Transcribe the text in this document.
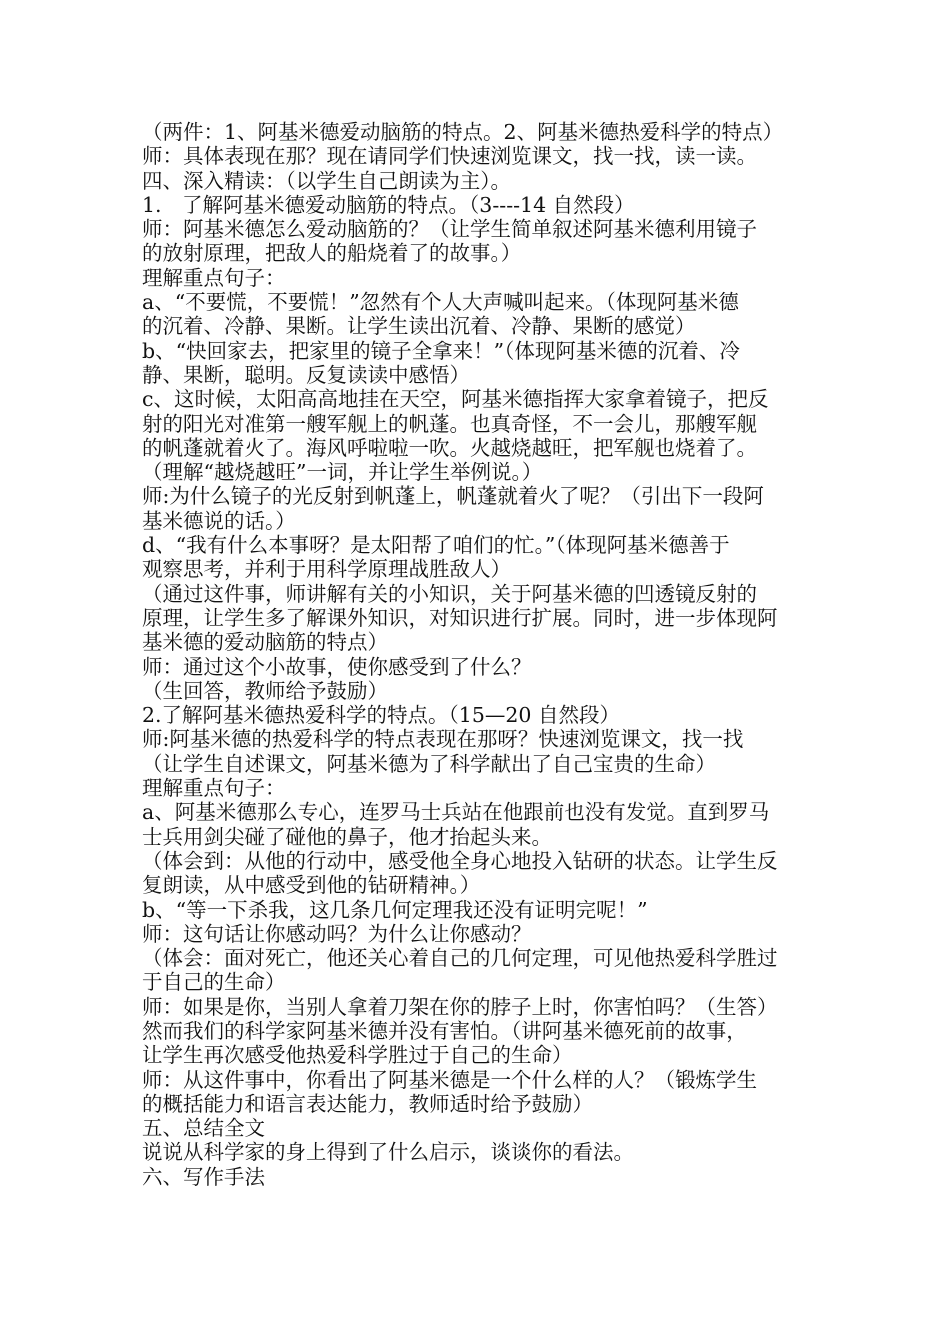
（两件：1、阿基米德爱动脑筋的特点。2、阿基米德热爱科学的特点）

师：具体表现在那？现在请同学们快速浏览课文，找一找，读一读。

四、深入精读：（以学生自己朗读为主）。

1.　了解阿基米德爱动脑筋的特点。（3----14 自然段）

师：阿基米德怎么爱动脑筋的？（让学生简单叙述阿基米德利用镜子

的放射原理，把敌人的船烧着了的故事。）

理解重点句子：

a、“不要慌，不要慌！”忽然有个人大声喊叫起来。（体现阿基米德

的沉着、冷静、果断。让学生读出沉着、冷静、果断的感觉）

b、“快回家去，把家里的镜子全拿来！”（体现阿基米德的沉着、冷

静、果断，聪明。反复读读中感悟）

c、这时候，太阳高高地挂在天空，阿基米德指挥大家拿着镜子，把反

射的阳光对准第一艘军舰上的帆蓬。也真奇怪，不一会儿，那艘军舰

的帆蓬就着火了。海风呼啦啦一吹。火越烧越旺，把军舰也烧着了。

（理解“越烧越旺”一词，并让学生举例说。）

师:为什么镜子的光反射到帆蓬上，帆蓬就着火了呢？（引出下一段阿

基米德说的话。）

d、“我有什么本事呀？是太阳帮了咱们的忙。”（体现阿基米德善于

观察思考，并利于用科学原理战胜敌人）

（通过这件事，师讲解有关的小知识，关于阿基米德的凹透镜反射的

原理，让学生多了解课外知识，对知识进行扩展。同时，进一步体现阿

基米德的爱动脑筋的特点）

师：通过这个小故事，使你感受到了什么？

（生回答，教师给予鼓励）

2.了解阿基米德热爱科学的特点。（15—20 自然段）

师:阿基米德的热爱科学的特点表现在那呀？快速浏览课文，找一找

（让学生自述课文，阿基米德为了科学献出了自己宝贵的生命）

理解重点句子：

a、阿基米德那么专心，连罗马士兵站在他跟前也没有发觉。直到罗马

士兵用剑尖碰了碰他的鼻子，他才抬起头来。

（体会到：从他的行动中，感受他全身心地投入钻研的状态。让学生反

复朗读，从中感受到他的钻研精神。）

b、“等一下杀我，这几条几何定理我还没有证明完呢！”

师：这句话让你感动吗？为什么让你感动？

（体会：面对死亡，他还关心着自己的几何定理，可见他热爱科学胜过

于自己的生命）

师：如果是你，当别人拿着刀架在你的脖子上时，你害怕吗？（生答）

然而我们的科学家阿基米德并没有害怕。（讲阿基米德死前的故事，

让学生再次感受他热爱科学胜过于自己的生命）

师：从这件事中，你看出了阿基米德是一个什么样的人？（锻炼学生

的概括能力和语言表达能力，教师适时给予鼓励）

五、总结全文

说说从科学家的身上得到了什么启示，谈谈你的看法。

六、写作手法
